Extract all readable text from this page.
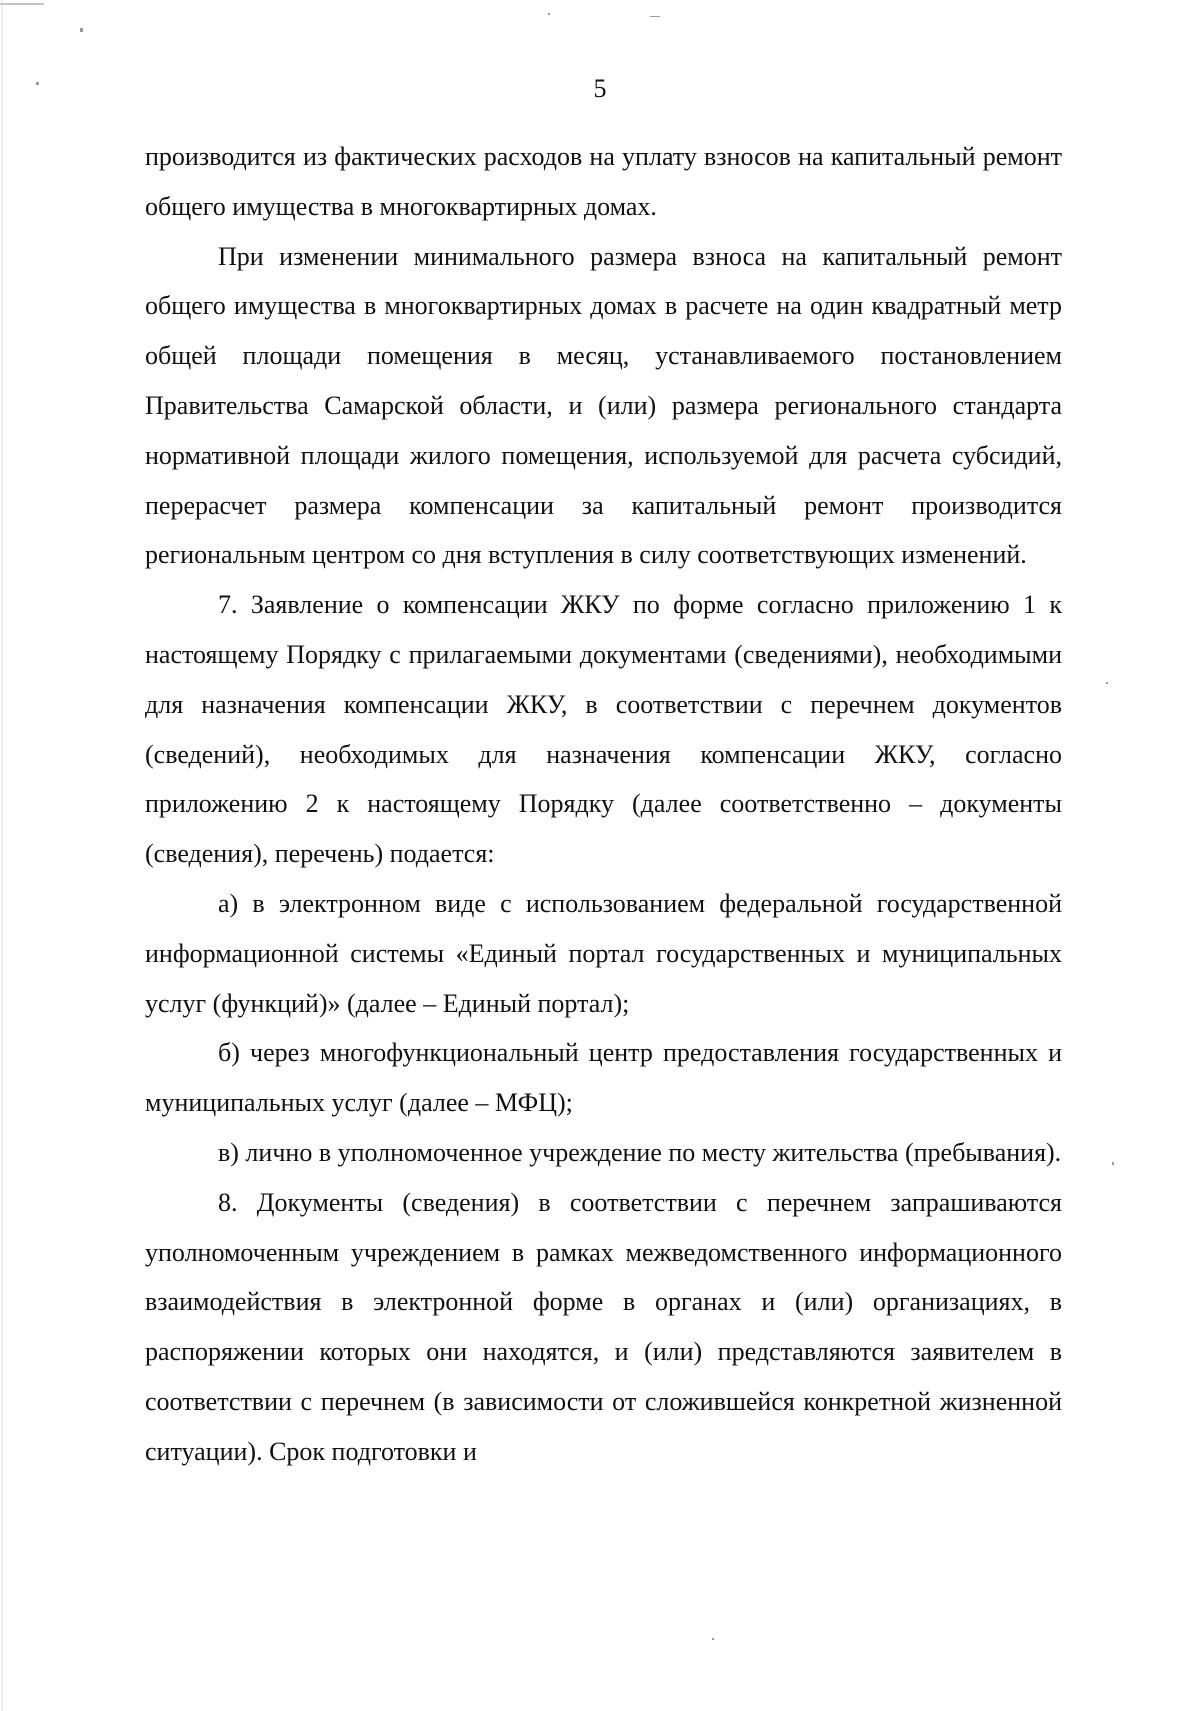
5

производится из фактических расходов на уплату взносов на капитальный ремонт общего имущества в многоквартирных домах.

При изменении минимального размера взноса на капитальный ремонт общего имущества в многоквартирных домах в расчете на один квадратный метр общей площади помещения в месяц, устанавливаемого постановлением Правительства Самарской области, и (или) размера регионального стандарта нормативной площади жилого помещения, используемой для расчета субсидий, перерасчет размера компенсации за капитальный ремонт производится региональным центром со дня вступления в силу соответствующих изменений.

7. Заявление о компенсации ЖКУ по форме согласно приложению 1 к настоящему Порядку с прилагаемыми документами (сведениями), необходимыми для назначения компенсации ЖКУ, в соответствии с перечнем документов (сведений), необходимых для назначения компенсации ЖКУ, согласно приложению 2 к настоящему Порядку (далее соответственно – документы (сведения), перечень) подается:

а) в электронном виде с использованием федеральной государственной информационной системы «Единый портал государственных и муниципальных услуг (функций)» (далее – Единый портал);

б) через многофункциональный центр предоставления государственных и муниципальных услуг (далее – МФЦ);

в) лично в уполномоченное учреждение по месту жительства (пребывания).

8. Документы (сведения) в соответствии с перечнем запрашиваются уполномоченным учреждением в рамках межведомственного информационного взаимодействия в электронной форме в органах и (или) организациях, в распоряжении которых они находятся, и (или) представляются заявителем в соответствии с перечнем (в зависимости от сложившейся конкретной жизненной ситуации). Срок подготовки и
